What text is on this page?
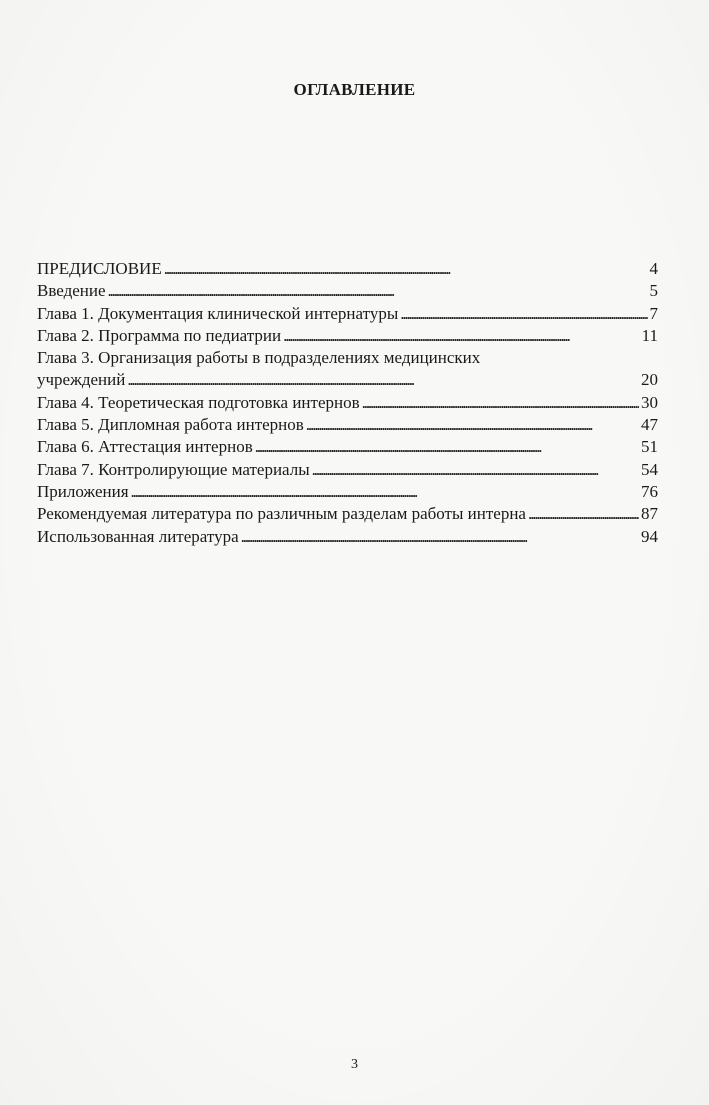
ОГЛАВЛЕНИЕ
ПРЕДИСЛОВИЕ . . .	4
Введение . . .	5
Глава 1. Документация клинической интернатуры . . .	7
Глава 2. Программа по педиатрии . . .	11
Глава 3. Организация работы в подразделениях медицинских
учреждений . . .	20
Глава 4. Теоретическая подготовка интернов . . .	30
Глава 5. Дипломная работа интернов . . .	47
Глава 6. Аттестация интернов . . .	51
Глава 7. Контролирующие материалы . . .	54
Приложения . . .	76
Рекомендуемая литература по различным разделам работы интерна . . .	87
Использованная литература . . .	94
3
